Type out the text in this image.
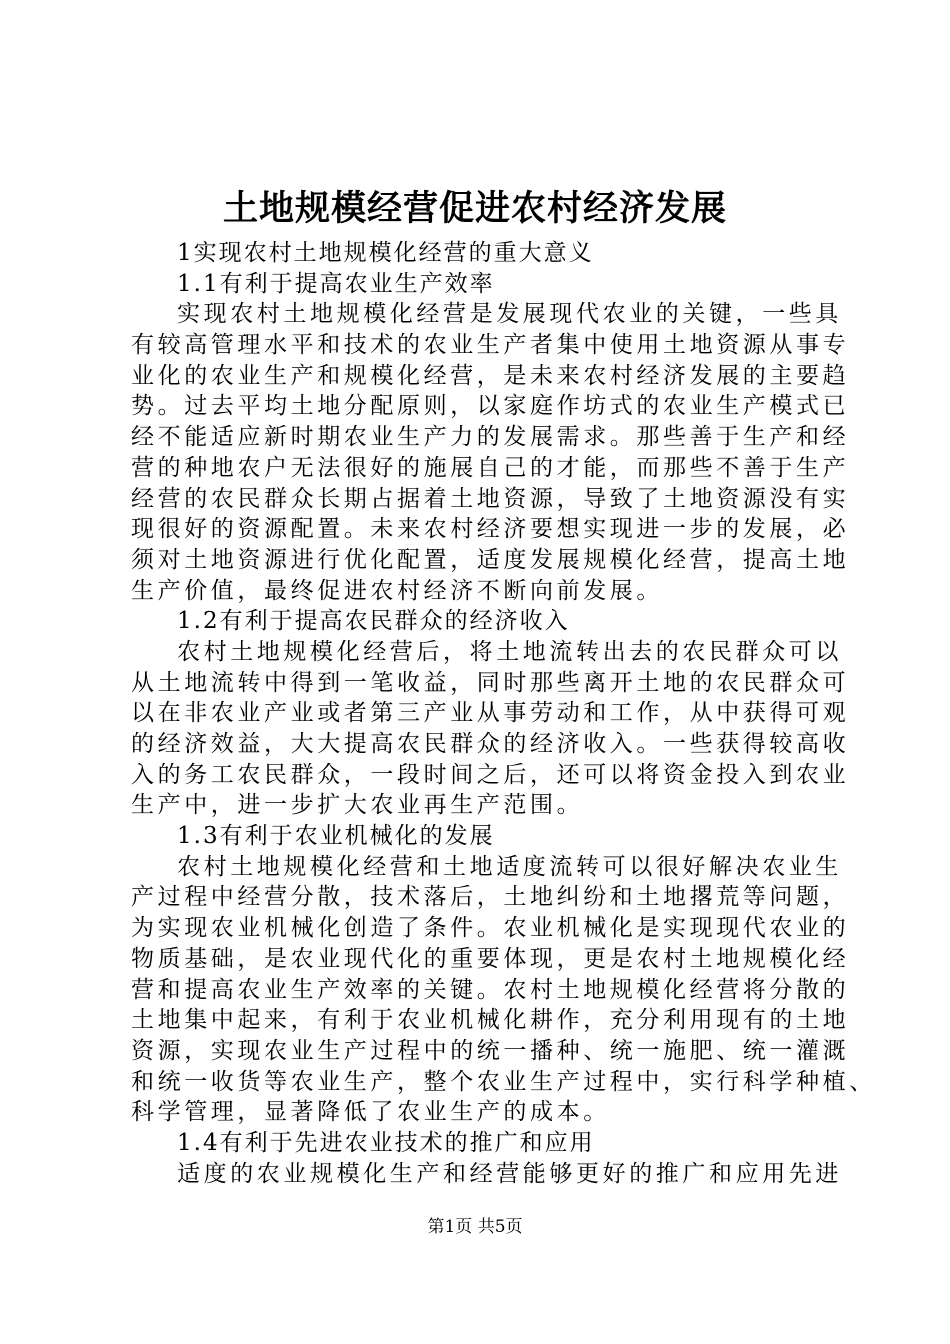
土地规模经营促进农村经济发展
1实现农村土地规模化经营的重大意义
1.1有利于提高农业生产效率
实现农村土地规模化经营是发展现代农业的关键，一些具
有较高管理水平和技术的农业生产者集中使用土地资源从事专
业化的农业生产和规模化经营，是未来农村经济发展的主要趋
势。过去平均土地分配原则，以家庭作坊式的农业生产模式已
经不能适应新时期农业生产力的发展需求。那些善于生产和经
营的种地农户无法很好的施展自己的才能，而那些不善于生产
经营的农民群众长期占据着土地资源，导致了土地资源没有实
现很好的资源配置。未来农村经济要想实现进一步的发展，必
须对土地资源进行优化配置，适度发展规模化经营，提高土地
生产价值，最终促进农村经济不断向前发展。
1.2有利于提高农民群众的经济收入
农村土地规模化经营后，将土地流转出去的农民群众可以
从土地流转中得到一笔收益，同时那些离开土地的农民群众可
以在非农业产业或者第三产业从事劳动和工作，从中获得可观
的经济效益，大大提高农民群众的经济收入。一些获得较高收
入的务工农民群众，一段时间之后，还可以将资金投入到农业
生产中，进一步扩大农业再生产范围。
1.3有利于农业机械化的发展
农村土地规模化经营和土地适度流转可以很好解决农业生
产过程中经营分散，技术落后，土地纠纷和土地撂荒等问题，
为实现农业机械化创造了条件。农业机械化是实现现代农业的
物质基础，是农业现代化的重要体现，更是农村土地规模化经
营和提高农业生产效率的关键。农村土地规模化经营将分散的
土地集中起来，有利于农业机械化耕作，充分利用现有的土地
资源，实现农业生产过程中的统一播种、统一施肥、统一灌溉
和统一收货等农业生产，整个农业生产过程中，实行科学种植、
科学管理，显著降低了农业生产的成本。
1.4有利于先进农业技术的推广和应用
适度的农业规模化生产和经营能够更好的推广和应用先进
第1页 共5页
